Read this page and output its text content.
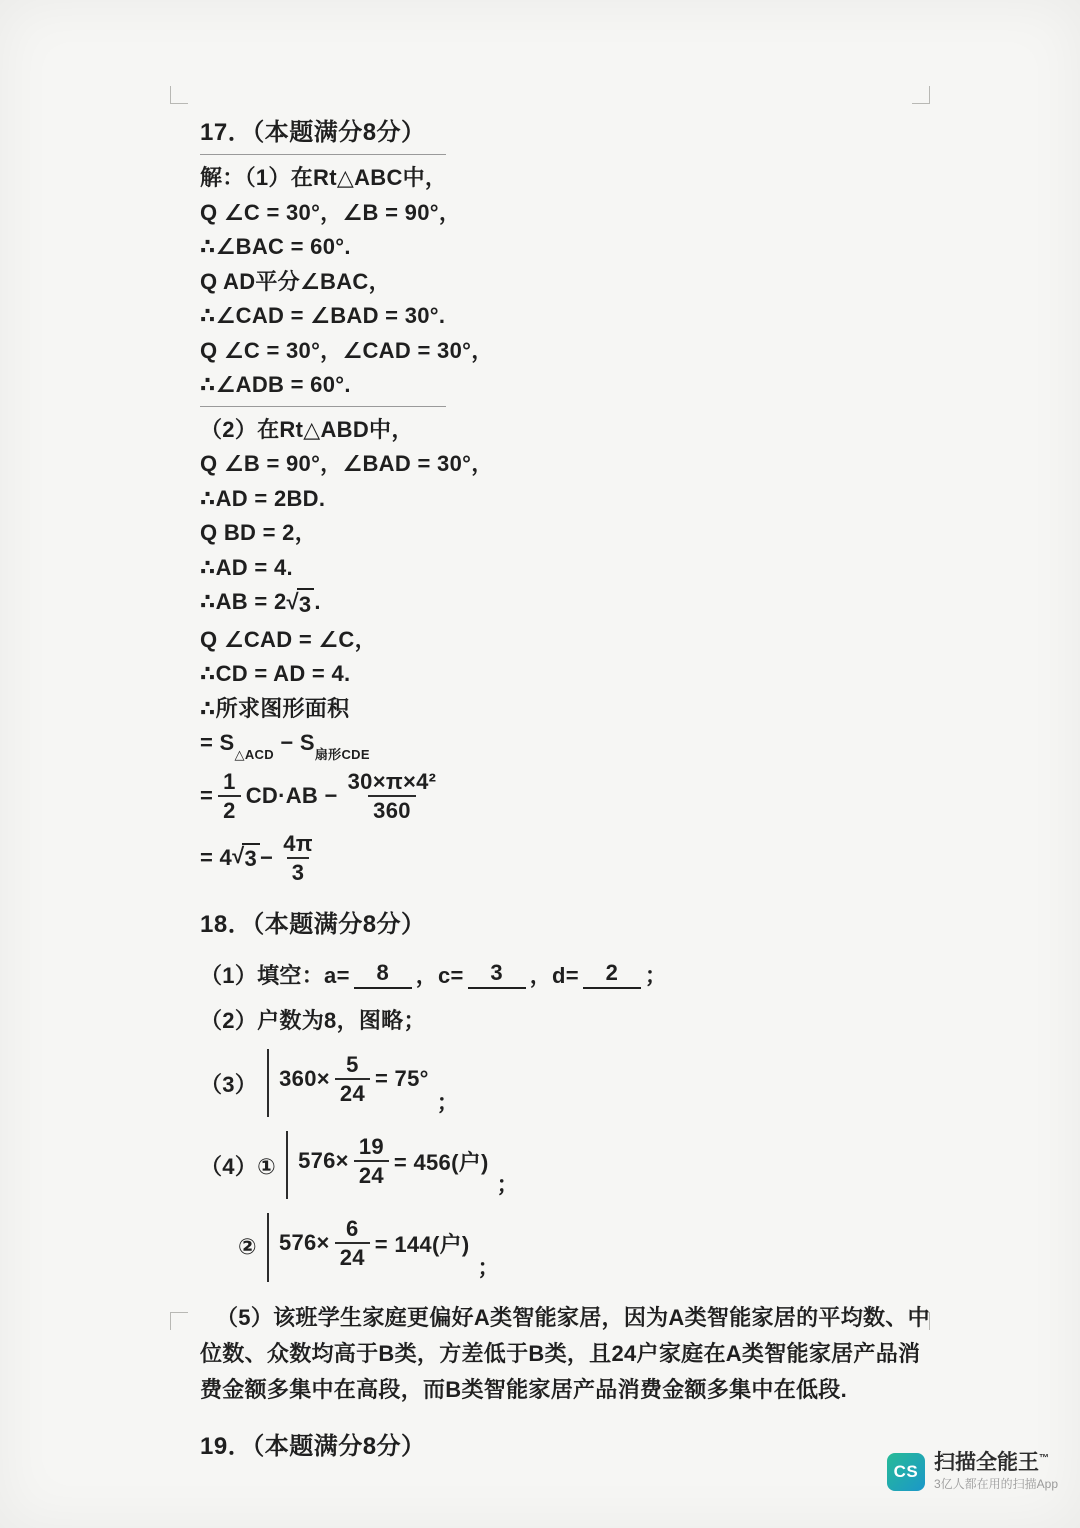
17．（本题满分8分）
解：（1）在Rt△ABC中，
Q ∠C = 30°，∠B = 90°，
∴∠BAC = 60°.
Q AD平分∠BAC，
∴∠CAD = ∠BAD = 30°.
Q ∠C = 30°，∠CAD = 30°，
∴∠ADB = 60°.
（2）在Rt△ABD中，
Q ∠B = 90°，∠BAD = 30°，
∴AD = 2BD.
Q BD = 2，
∴AD = 4.
∴AB = 2 √ 3 .
Q ∠CAD = ∠C，
∴CD = AD = 4.
∴所求图形面积
= $S_{\triangle ACD} - S_{扇形CDE}$
= $\frac{1}{2} CD\cdot AB - \frac{\text{30×π×4²}}{360}$
= 4 √ $3 - \frac{4\pi}{3}$
18．（本题满分8分）
（1）填空：a=	8	，c=	3	，d=	2	；
（2）户数为8，图略；
（3） $360\times \frac{5}{24} = 75^\circ$
；
（4）① $576\times \frac{19}{24} = 456$(户)
；
② $576\times \frac{6}{24} = 144$(户)
；

（5）该班学生家庭更偏好A类智能家居，因为A类智能家居的平均数、中位数、众数均高于B类，方差低于B类，且24户家庭在A类智能家居产品消费金额多集中在高段，而B类智能家居产品消费金额多集中在低段.

19．（本题满分8分）
CS 扫描全能王™
3亿人都在用的扫描App
